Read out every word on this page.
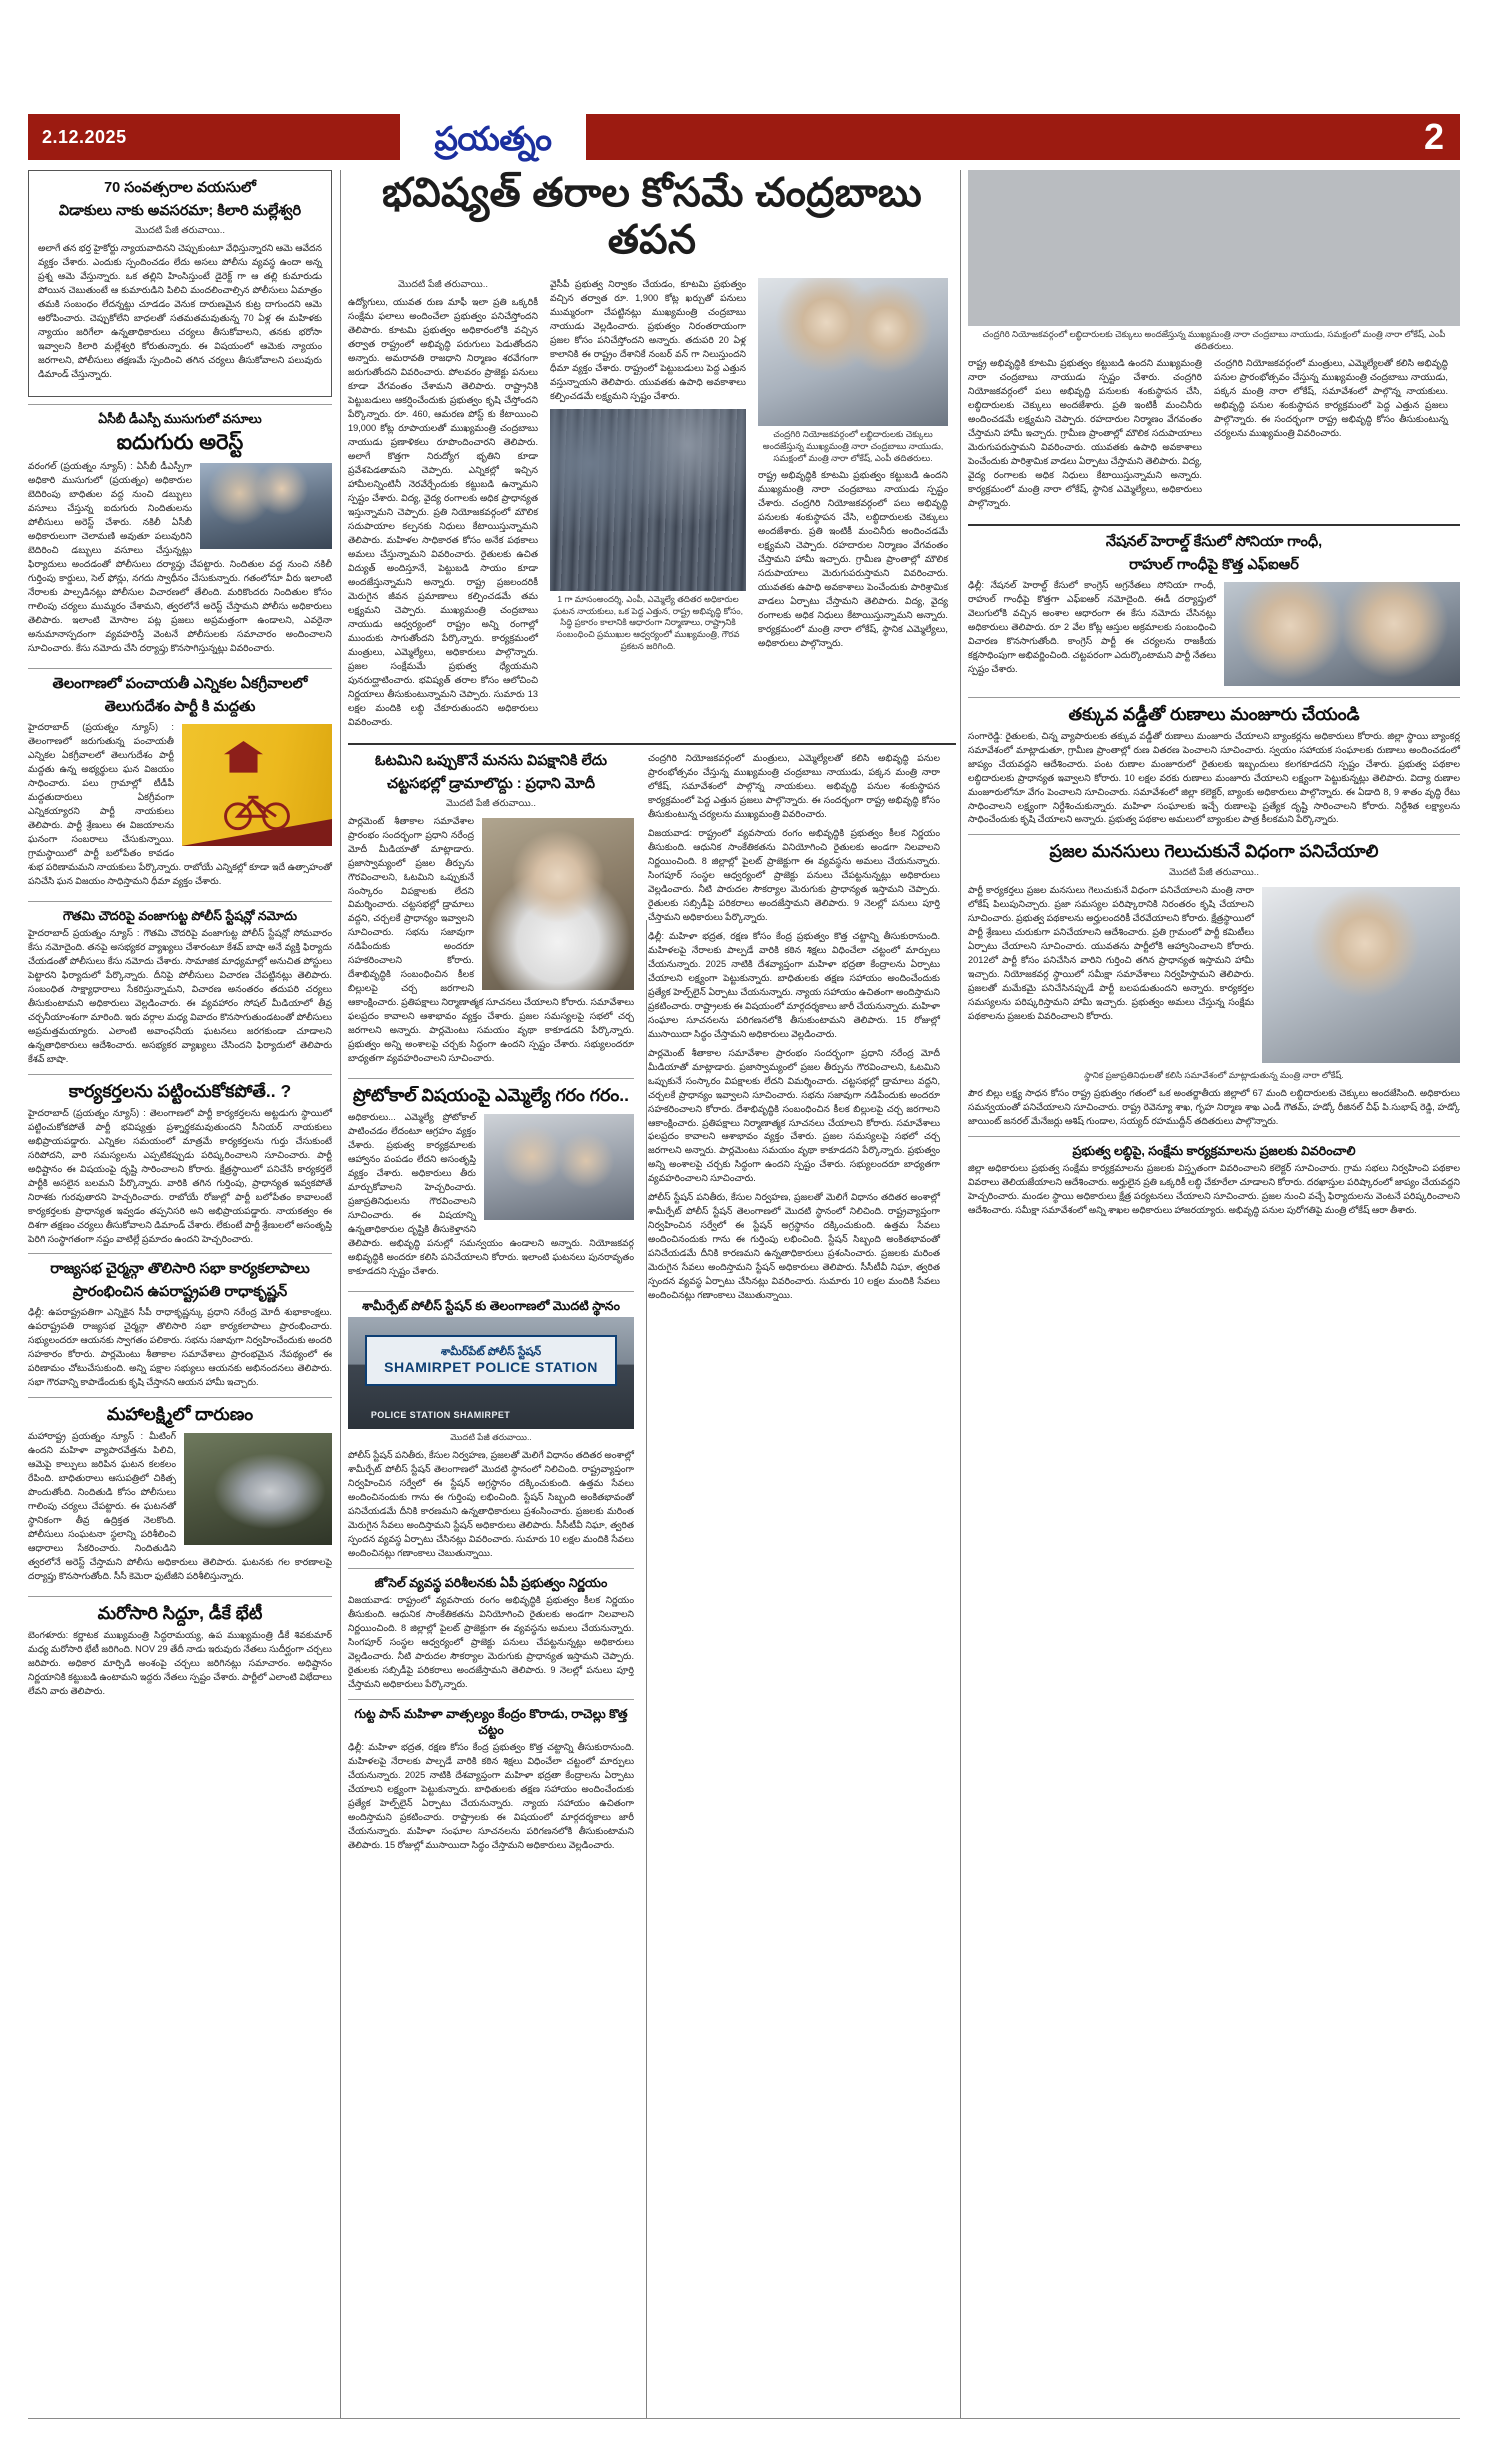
2.12.2025	ప్రయత్నం	2
70 సంవత్సరాల వయసులో
విడాకులు నాకు అవసరమా; కిలారి మల్లేశ్వరి
మొదటి పేజీ తరువాయి..
అలాగే తన భర్త హైకోర్టు న్యాయవాదినని చెప్పుకుంటూ వేధిస్తున్నారని ఆమె ఆవేదన వ్యక్తం చేశారు. ఎందుకు స్పందించడం లేదు అసలు పోలీసు వ్యవస్థ ఉందా అన్న ప్రశ్న ఆమె వేస్తున్నారు. ఒక తల్లిని హింసిస్తుంటే డైరెక్ట్‌ గా ఆ తల్లి కుమారుడు పోయిన చెబుతుంటే ఆ కుమారుడిని పిలిచి మందలించాల్సిన పోలీసులు ఏమాత్రం తమకి సంబంధం లేదన్నట్టు చూడడం వెనుక దారుణమైన కుట్ర దాగుందని ఆమె ఆరోపించారు. చెప్పుకోలేని బాధలతో సతమతమవుతున్న 70 ఏళ్ల ఈ మహిళకు న్యాయం జరిగేలా ఉన్నతాధికారులు చర్యలు తీసుకోవాలని, తనకు భరోసా ఇవ్వాలని కిలారి మల్లేశ్వరి కోరుతున్నారు. ఈ విషయంలో ఆమెకు న్యాయం జరగాలని, పోలీసులు తక్షణమే స్పందించి తగిన చర్యలు తీసుకోవాలని పలువురు డిమాండ్ చేస్తున్నారు.
ఏసీబీ డీఎస్పీ ముసుగులో వసూలు
ఐదుగురు అరెస్ట్
వరంగల్ (ప్రయత్నం న్యూస్) : ఏసీబీ డీఎస్పీగా అధికారి ముసుగులో (ప్రయత్నం) అధికారుల బెదిరింపు బాధితుల వద్ద నుంచి డబ్బులు వసూలు చేస్తున్న ఐదుగురు నిందితులను పోలీసులు అరెస్ట్ చేశారు. నకిలీ ఏసీబీ అధికారులుగా చెలామణి అవుతూ పలువురిని బెదిరించి డబ్బులు వసూలు చేస్తున్నట్లు ఫిర్యాదులు అందడంతో పోలీసులు దర్యాప్తు చేపట్టారు. నిందితుల వద్ద నుంచి నకిలీ గుర్తింపు కార్డులు, సెల్ ఫోన్లు, నగదు స్వాధీనం చేసుకున్నారు. గతంలోనూ వీరు ఇలాంటి నేరాలకు పాల్పడినట్లు పోలీసుల విచారణలో తేలింది. మరికొందరు నిందితుల కోసం గాలింపు చర్యలు ముమ్మరం చేశామని, త్వరలోనే అరెస్ట్ చేస్తామని పోలీసు అధికారులు తెలిపారు. ఇలాంటి మోసాల పట్ల ప్రజలు అప్రమత్తంగా ఉండాలని, ఎవరైనా అనుమానాస్పదంగా వ్యవహరిస్తే వెంటనే పోలీసులకు సమాచారం అందించాలని సూచించారు. కేసు నమోదు చేసి దర్యాప్తు కొనసాగిస్తున్నట్లు వివరించారు.
తెలంగాణలో పంచాయతీ ఎన్నికల ఏకగ్రీవాలలో
తెలుగుదేశం పార్టీ కి మద్దతు
హైదరాబాద్ (ప్రయత్నం న్యూస్) : తెలంగాణలో జరుగుతున్న పంచాయతీ ఎన్నికల ఏకగ్రీవాలలో తెలుగుదేశం పార్టీ మద్దతు ఉన్న అభ్యర్థులు ఘన విజయం సాధించారు. పలు గ్రామాల్లో టీడీపీ మద్దతుదారులు ఏకగ్రీవంగా ఎన్నికయ్యారని పార్టీ నాయకులు తెలిపారు. పార్టీ శ్రేణులు ఈ విజయాలను ఘనంగా సంబరాలు చేసుకున్నాయి. గ్రామస్థాయిలో పార్టీ బలోపేతం కావడం శుభ పరిణామమని నాయకులు పేర్కొన్నారు. రాబోయే ఎన్నికల్లో కూడా ఇదే ఉత్సాహంతో పనిచేసి ఘన విజయం సాధిస్తామని ధీమా వ్యక్తం చేశారు.
గౌతమి చౌదరిపై వంజాగుట్ట పోలీస్ స్టేషన్లో నమోదు
హైదరాబాద్ ప్రయత్నం న్యూస్ : గౌతమి చౌదరిపై వంజాగుట్ట పోలీస్ స్టేషన్లో సోమవారం కేసు నమోదైంది. తనపై అసభ్యకర వ్యాఖ్యలు చేశారంటూ కేశవ్ బాషా అనే వ్యక్తి ఫిర్యాదు చేయడంతో పోలీసులు కేసు నమోదు చేశారు. సామాజిక మాధ్యమాల్లో అనుచిత పోస్టులు పెట్టారని ఫిర్యాదులో పేర్కొన్నారు. దీనిపై పోలీసులు విచారణ చేపట్టినట్లు తెలిపారు. సంబంధిత సాక్ష్యాధారాలు సేకరిస్తున్నామని, విచారణ అనంతరం తదుపరి చర్యలు తీసుకుంటామని అధికారులు వెల్లడించారు. ఈ వ్యవహారం సోషల్ మీడియాలో తీవ్ర చర్చనీయాంశంగా మారింది. ఇరు వర్గాల మధ్య వివాదం కొనసాగుతుండటంతో పోలీసులు అప్రమత్తమయ్యారు. ఎలాంటి అవాంఛనీయ ఘటనలు జరగకుండా చూడాలని ఉన్నతాధికారులు ఆదేశించారు. అసభ్యకర వ్యాఖ్యలు చేసిందని ఫిర్యాదులో తెలిపారు కేశవ్ బాషా.
కార్యకర్తలను పట్టించుకోకపోతే.. ?
హైదరాబాద్ (ప్రయత్నం న్యూస్) : తెలంగాణలో పార్టీ కార్యకర్తలను అట్టడుగు స్థాయిలో పట్టించుకోకపోతే పార్టీ భవిష్యత్తు ప్రశ్నార్థకమవుతుందని సీనియర్ నాయకులు అభిప్రాయపడ్డారు. ఎన్నికల సమయంలో మాత్రమే కార్యకర్తలను గుర్తు చేసుకుంటే సరిపోదని, వారి సమస్యలను ఎప్పటికప్పుడు పరిష్కరించాలని సూచించారు. పార్టీ అధిష్టానం ఈ విషయంపై దృష్టి సారించాలని కోరారు. క్షేత్రస్థాయిలో పనిచేసే కార్యకర్తలే పార్టీకి అసలైన బలమని పేర్కొన్నారు. వారికి తగిన గుర్తింపు, ప్రాధాన్యత ఇవ్వకపోతే నిరాశకు గురవుతారని హెచ్చరించారు. రాబోయే రోజుల్లో పార్టీ బలోపేతం కావాలంటే కార్యకర్తలకు ప్రాధాన్యత ఇవ్వడం తప్పనిసరి అని అభిప్రాయపడ్డారు. నాయకత్వం ఈ దిశగా తక్షణం చర్యలు తీసుకోవాలని డిమాండ్ చేశారు. లేకుంటే పార్టీ శ్రేణులలో అసంతృప్తి పెరిగి సంస్థాగతంగా నష్టం వాటిల్లే ప్రమాదం ఉందని హెచ్చరించారు.
రాజ్యసభ చైర్మన్గా తొలిసారి సభా కార్యకలాపాలు
ప్రారంభించిన ఉపరాష్ట్రపతి రాధాకృష్ణన్
ఢిల్లీ: ఉపరాష్ట్రపతిగా ఎన్నికైన సీపీ రాధాకృష్ణన్కు ప్రధాని నరేంద్ర మోదీ శుభాకాంక్షలు. ఉపరాష్ట్రపతి రాజ్యసభ చైర్మన్గా తొలిసారి సభా కార్యకలాపాలు ప్రారంభించారు. సభ్యులందరూ ఆయనకు స్వాగతం పలికారు. సభను సజావుగా నిర్వహించేందుకు అందరి సహకారం కోరారు. పార్లమెంటు శీతాకాల సమావేశాలు ప్రారంభమైన నేపథ్యంలో ఈ పరిణామం చోటుచేసుకుంది. అన్ని పక్షాల సభ్యులు ఆయనకు అభినందనలు తెలిపారు. సభా గౌరవాన్ని కాపాడేందుకు కృషి చేస్తానని ఆయన హామీ ఇచ్చారు.
మహాలక్ష్మిలో దారుణం
మహారాష్ట్ర ప్రయత్నం న్యూస్ : మీటింగ్ ఉందని మహిళా వ్యాపారవేత్తను పిలిచి, ఆమెపై కాల్పులు జరిపిన ఘటన కలకలం రేపింది. బాధితురాలు ఆసుపత్రిలో చికిత్స పొందుతోంది. నిందితుడి కోసం పోలీసులు గాలింపు చర్యలు చేపట్టారు. ఈ ఘటనతో స్థానికంగా తీవ్ర ఉద్రిక్తత నెలకొంది. పోలీసులు సంఘటనా స్థలాన్ని పరిశీలించి ఆధారాలు సేకరించారు. నిందితుడిని త్వరలోనే అరెస్ట్ చేస్తామని పోలీసు అధికారులు తెలిపారు. ఘటనకు గల కారణాలపై దర్యాప్తు కొనసాగుతోంది. సీసీ కెమెరా ఫుటేజీని పరిశీలిస్తున్నారు.
మరోసారి సిద్దూ, డీకే భేటీ
బెంగళూరు: కర్ణాటక ముఖ్యమంత్రి సిద్ధరామయ్య, ఉప ముఖ్యమంత్రి డీకే శివకుమార్ మధ్య మరోసారి భేటీ జరిగింది. NOV 29 తేదీ నాడు ఇరువురు నేతలు సుదీర్ఘంగా చర్చలు జరిపారు. అధికార మార్పిడి అంశంపై చర్చలు జరిగినట్లు సమాచారం. అధిష్టానం నిర్ణయానికి కట్టుబడి ఉంటామని ఇద్దరు నేతలు స్పష్టం చేశారు. పార్టీలో ఎలాంటి విభేదాలు లేవని వారు తెలిపారు.
భవిష్యత్ తరాల కోసమే చంద్రబాబు తపన
మొదటి పేజీ తరువాయి..
ఉద్యోగులు, యువత రుణ మాఫీ ఇలా ప్రతి ఒక్కరికీ సంక్షేమ ఫలాలు అందించేలా ప్రభుత్వం పనిచేస్తోందని తెలిపారు. కూటమి ప్రభుత్వం అధికారంలోకి వచ్చిన తర్వాత రాష్ట్రంలో అభివృద్ధి పరుగులు పెడుతోందని అన్నారు. అమరావతి రాజధాని నిర్మాణం శరవేగంగా జరుగుతోందని వివరించారు. పోలవరం ప్రాజెక్టు పనులు కూడా వేగవంతం చేశామని తెలిపారు. రాష్ట్రానికి పెట్టుబడులు ఆకర్షించేందుకు ప్రభుత్వం కృషి చేస్తోందని పేర్కొన్నారు. రూ. 460, ఆమరణ పోస్ట్ కు కేటాయించి 19,000 కోట్ల రూపాయలతో ముఖ్యమంత్రి చంద్రబాబు నాయుడు ప్రణాళికలు రూపొందించారని తెలిపారు. అలాగే కొత్తగా నిరుద్యోగ భృతిని కూడా ప్రవేశపెడతామని చెప్పారు. ఎన్నికల్లో ఇచ్చిన హామీలన్నింటినీ నెరవేర్చేందుకు కట్టుబడి ఉన్నామని స్పష్టం చేశారు. విద్య, వైద్య రంగాలకు అధిక ప్రాధాన్యత ఇస్తున్నామని చెప్పారు. ప్రతి నియోజకవర్గంలో మౌలిక సదుపాయాల కల్పనకు నిధులు కేటాయిస్తున్నామని తెలిపారు. మహిళల సాధికారత కోసం అనేక పథకాలు అమలు చేస్తున్నామని వివరించారు. రైతులకు ఉచిత విద్యుత్ అందిస్తూనే, పెట్టుబడి సాయం కూడా అందజేస్తున్నామని అన్నారు. రాష్ట్ర ప్రజలందరికీ మెరుగైన జీవన ప్రమాణాలు కల్పించడమే తమ లక్ష్యమని చెప్పారు. ముఖ్యమంత్రి చంద్రబాబు నాయుడు ఆధ్వర్యంలో రాష్ట్రం అన్ని రంగాల్లో ముందుకు సాగుతోందని పేర్కొన్నారు. కార్యక్రమంలో మంత్రులు, ఎమ్మెల్యేలు, అధికారులు పాల్గొన్నారు. ప్రజల సంక్షేమమే ప్రభుత్వ ధ్యేయమని పునరుద్ఘాటించారు. భవిష్యత్ తరాల కోసం ఆలోచించి నిర్ణయాలు తీసుకుంటున్నామని చెప్పారు. సుమారు 13 లక్షల మందికి లబ్ధి చేకూరుతుందని అధికారులు వివరించారు.
వైసీపీ ప్రభుత్వ నిర్వాకం చేయడం, కూటమి ప్రభుత్వం వచ్చిన తర్వాత రూ. 1,900 కోట్ల ఖర్చుతో పనులు ముమ్మరంగా చేపట్టినట్లు ముఖ్యమంత్రి చంద్రబాబు నాయుడు వెల్లడించారు. ప్రభుత్వం నిరంతరాయంగా ప్రజల కోసం పనిచేస్తోందని అన్నారు. తదుపరి 20 ఏళ్ల కాలానికి ఈ రాష్ట్రం దేశానికే నంబర్ వన్ గా నిలుస్తుందని ధీమా వ్యక్తం చేశారు. రాష్ట్రంలో పెట్టుబడులు పెద్ద ఎత్తున వస్తున్నాయని తెలిపారు. యువతకు ఉపాధి అవకాశాలు కల్పించడమే లక్ష్యమని స్పష్టం చేశారు.
1 గా మాసంఅందర్శి, ఎంపీ, ఎమ్మెల్యే తదితర అధికారుల ఘటన నాయకులు, ఒక పెద్ద ఎత్తున, రాష్ట్ర అభివృద్ధి కోసం, సిద్ధి ప్రకారం కాలానికి ఆధారంగా నిర్మాణాలు, రాష్ట్రానికి సంబంధించి ప్రముఖుల ఆధ్వర్యంలో ముఖ్యమంత్రి, గౌరవ ప్రకటన జరిగింది.
చంద్రగిరి నియోజకవర్గంలో లబ్ధిదారులకు చెక్కులు అందజేస్తున్న ముఖ్యమంత్రి నారా చంద్రబాబు నాయుడు, సమక్షంలో మంత్రి నారా లోకేష్, ఎంపీ తదితరులు.
రాష్ట్ర అభివృద్ధికి కూటమి ప్రభుత్వం కట్టుబడి ఉందని ముఖ్యమంత్రి నారా చంద్రబాబు నాయుడు స్పష్టం చేశారు. చంద్రగిరి నియోజకవర్గంలో పలు అభివృద్ధి పనులకు శంకుస్థాపన చేసి, లబ్ధిదారులకు చెక్కులు అందజేశారు. ప్రతి ఇంటికీ మంచినీరు అందించడమే లక్ష్యమని చెప్పారు. రహదారుల నిర్మాణం వేగవంతం చేస్తామని హామీ ఇచ్చారు. గ్రామీణ ప్రాంతాల్లో మౌలిక సదుపాయాలు మెరుగుపరుస్తామని వివరించారు. యువతకు ఉపాధి అవకాశాలు పెంచేందుకు పారిశ్రామిక వాడలు ఏర్పాటు చేస్తామని తెలిపారు. విద్య, వైద్య రంగాలకు అధిక నిధులు కేటాయిస్తున్నామని అన్నారు. కార్యక్రమంలో మంత్రి నారా లోకేష్, స్థానిక ఎమ్మెల్యేలు, అధికారులు పాల్గొన్నారు.
ఓటమిని ఒప్పుకొనే మనసు విపక్షానికి లేదు
చట్టసభల్లో డ్రామాలొద్దు : ప్రధాని మోదీ
మొదటి పేజీ తరువాయి..
పార్లమెంట్ శీతాకాల సమావేశాల ప్రారంభం సందర్భంగా ప్రధాని నరేంద్ర మోదీ మీడియాతో మాట్లాడారు. ప్రజాస్వామ్యంలో ప్రజల తీర్పును గౌరవించాలని, ఓటమిని ఒప్పుకునే సంస్కారం విపక్షాలకు లేదని విమర్శించారు. చట్టసభల్లో డ్రామాలు వద్దని, చర్చలకే ప్రాధాన్యం ఇవ్వాలని సూచించారు. సభను సజావుగా నడిపేందుకు అందరూ సహకరించాలని కోరారు. దేశాభివృద్ధికి సంబంధించిన కీలక బిల్లులపై చర్చ జరగాలని ఆకాంక్షించారు. ప్రతిపక్షాలు నిర్మాణాత్మక సూచనలు చేయాలని కోరారు. సమావేశాలు ఫలప్రదం కావాలని ఆశాభావం వ్యక్తం చేశారు. ప్రజల సమస్యలపై సభలో చర్చ జరగాలని అన్నారు. పార్లమెంటు సమయం వృథా కాకూడదని పేర్కొన్నారు. ప్రభుత్వం అన్ని అంశాలపై చర్చకు సిద్ధంగా ఉందని స్పష్టం చేశారు. సభ్యులందరూ బాధ్యతగా వ్యవహరించాలని సూచించారు.
ప్రోటోకాల్ విషయంపై ఎమ్మెల్యే గరం గరం..
అధికారులు... ఎమ్మెల్యే ప్రోటోకాల్ పాటించడం లేదంటూ ఆగ్రహం వ్యక్తం చేశారు. ప్రభుత్వ కార్యక్రమాలకు ఆహ్వానం పంపడం లేదని అసంతృప్తి వ్యక్తం చేశారు. అధికారులు తీరు మార్చుకోవాలని హెచ్చరించారు. ప్రజాప్రతినిధులను గౌరవించాలని సూచించారు. ఈ విషయాన్ని ఉన్నతాధికారుల దృష్టికి తీసుకెళ్తానని తెలిపారు. అభివృద్ధి పనుల్లో సమన్వయం ఉండాలని అన్నారు. నియోజకవర్గ అభివృద్ధికి అందరూ కలిసి పనిచేయాలని కోరారు. ఇలాంటి ఘటనలు పునరావృతం కాకూడదని స్పష్టం చేశారు.
శామీర్పేట్ పోలీస్ స్టేషన్ కు తెలంగాణలో మొదటి స్థానం
శామీర్‌పేట్ పోలీస్ స్టేషన్
SHAMIRPET POLICE STATION
POLICE STATION SHAMIRPET
మొదటి పేజీ తరువాయి..
పోలీస్ స్టేషన్ పనితీరు, కేసుల నిర్వహణ, ప్రజలతో మెలిగే విధానం తదితర అంశాల్లో శామీర్పేట్ పోలీస్ స్టేషన్ తెలంగాణలో మొదటి స్థానంలో నిలిచింది. రాష్ట్రవ్యాప్తంగా నిర్వహించిన సర్వేలో ఈ స్టేషన్ అగ్రస్థానం దక్కించుకుంది. ఉత్తమ సేవలు అందించినందుకు గాను ఈ గుర్తింపు లభించింది. స్టేషన్ సిబ్బంది అంకితభావంతో పనిచేయడమే దీనికి కారణమని ఉన్నతాధికారులు ప్రశంసించారు. ప్రజలకు మరింత మెరుగైన సేవలు అందిస్తామని స్టేషన్ అధికారులు తెలిపారు. సీసీటీవీ నిఘా, త్వరిత స్పందన వ్యవస్థ ఏర్పాటు చేసినట్లు వివరించారు. సుమారు 10 లక్షల మందికి సేవలు అందించినట్లు గణాంకాలు చెబుతున్నాయి.
జోసెల్ వ్యవస్థ పరిశీలనకు ఏపీ ప్రభుత్వం నిర్ణయం
విజయవాడ: రాష్ట్రంలో వ్యవసాయ రంగం అభివృద్ధికి ప్రభుత్వం కీలక నిర్ణయం తీసుకుంది. ఆధునిక సాంకేతికతను వినియోగించి రైతులకు అండగా నిలవాలని నిర్ణయించింది. 8 జిల్లాల్లో పైలట్ ప్రాజెక్టుగా ఈ వ్యవస్థను అమలు చేయనున్నారు. సింగపూర్ సంస్థల ఆధ్వర్యంలో ప్రాజెక్టు పనులు చేపట్టనున్నట్లు అధికారులు వెల్లడించారు. నీటి పారుదల సౌకర్యాల మెరుగుకు ప్రాధాన్యత ఇస్తామని చెప్పారు. రైతులకు సబ్సిడీపై పరికరాలు అందజేస్తామని తెలిపారు. 9 నెలల్లో పనులు పూర్తి చేస్తామని అధికారులు పేర్కొన్నారు.
గుట్ట పాస్ మహిళా వాత్సల్యం కేంద్రం కొరాడు, రాచెల్లు కొత్త చట్టం
ఢిల్లీ: మహిళా భద్రత, రక్షణ కోసం కేంద్ర ప్రభుత్వం కొత్త చట్టాన్ని తీసుకురానుంది. మహిళలపై నేరాలకు పాల్పడే వారికి కఠిన శిక్షలు విధించేలా చట్టంలో మార్పులు చేయనున్నారు. 2025 నాటికి దేశవ్యాప్తంగా మహిళా భద్రతా కేంద్రాలను ఏర్పాటు చేయాలని లక్ష్యంగా పెట్టుకున్నారు. బాధితులకు తక్షణ సహాయం అందించేందుకు ప్రత్యేక హెల్ప్‌లైన్ ఏర్పాటు చేయనున్నారు. న్యాయ సహాయం ఉచితంగా అందిస్తామని ప్రకటించారు. రాష్ట్రాలకు ఈ విషయంలో మార్గదర్శకాలు జారీ చేయనున్నారు. మహిళా సంఘాల సూచనలను పరిగణనలోకి తీసుకుంటామని తెలిపారు. 15 రోజుల్లో ముసాయిదా సిద్ధం చేస్తామని అధికారులు వెల్లడించారు.
చంద్రగిరి నియోజకవర్గంలో మంత్రులు, ఎమ్మెల్యేలతో కలిసి అభివృద్ధి పనుల ప్రారంభోత్సవం చేస్తున్న ముఖ్యమంత్రి చంద్రబాబు నాయుడు, పక్కన మంత్రి నారా లోకేష్, సమావేశంలో పాల్గొన్న నాయకులు. అభివృద్ధి పనుల శంకుస్థాపన కార్యక్రమంలో పెద్ద ఎత్తున ప్రజలు పాల్గొన్నారు. ఈ సందర్భంగా రాష్ట్ర అభివృద్ధి కోసం తీసుకుంటున్న చర్యలను ముఖ్యమంత్రి వివరించారు.
విజయవాడ: రాష్ట్రంలో వ్యవసాయ రంగం అభివృద్ధికి ప్రభుత్వం కీలక నిర్ణయం తీసుకుంది. ఆధునిక సాంకేతికతను వినియోగించి రైతులకు అండగా నిలవాలని నిర్ణయించింది. 8 జిల్లాల్లో పైలట్ ప్రాజెక్టుగా ఈ వ్యవస్థను అమలు చేయనున్నారు. సింగపూర్ సంస్థల ఆధ్వర్యంలో ప్రాజెక్టు పనులు చేపట్టనున్నట్లు అధికారులు వెల్లడించారు. నీటి పారుదల సౌకర్యాల మెరుగుకు ప్రాధాన్యత ఇస్తామని చెప్పారు. రైతులకు సబ్సిడీపై పరికరాలు అందజేస్తామని తెలిపారు. 9 నెలల్లో పనులు పూర్తి చేస్తామని అధికారులు పేర్కొన్నారు.
ఢిల్లీ: మహిళా భద్రత, రక్షణ కోసం కేంద్ర ప్రభుత్వం కొత్త చట్టాన్ని తీసుకురానుంది. మహిళలపై నేరాలకు పాల్పడే వారికి కఠిన శిక్షలు విధించేలా చట్టంలో మార్పులు చేయనున్నారు. 2025 నాటికి దేశవ్యాప్తంగా మహిళా భద్రతా కేంద్రాలను ఏర్పాటు చేయాలని లక్ష్యంగా పెట్టుకున్నారు. బాధితులకు తక్షణ సహాయం అందించేందుకు ప్రత్యేక హెల్ప్‌లైన్ ఏర్పాటు చేయనున్నారు. న్యాయ సహాయం ఉచితంగా అందిస్తామని ప్రకటించారు. రాష్ట్రాలకు ఈ విషయంలో మార్గదర్శకాలు జారీ చేయనున్నారు. మహిళా సంఘాల సూచనలను పరిగణనలోకి తీసుకుంటామని తెలిపారు. 15 రోజుల్లో ముసాయిదా సిద్ధం చేస్తామని అధికారులు వెల్లడించారు.
పార్లమెంట్ శీతాకాల సమావేశాల ప్రారంభం సందర్భంగా ప్రధాని నరేంద్ర మోదీ మీడియాతో మాట్లాడారు. ప్రజాస్వామ్యంలో ప్రజల తీర్పును గౌరవించాలని, ఓటమిని ఒప్పుకునే సంస్కారం విపక్షాలకు లేదని విమర్శించారు. చట్టసభల్లో డ్రామాలు వద్దని, చర్చలకే ప్రాధాన్యం ఇవ్వాలని సూచించారు. సభను సజావుగా నడిపేందుకు అందరూ సహకరించాలని కోరారు. దేశాభివృద్ధికి సంబంధించిన కీలక బిల్లులపై చర్చ జరగాలని ఆకాంక్షించారు. ప్రతిపక్షాలు నిర్మాణాత్మక సూచనలు చేయాలని కోరారు. సమావేశాలు ఫలప్రదం కావాలని ఆశాభావం వ్యక్తం చేశారు. ప్రజల సమస్యలపై సభలో చర్చ జరగాలని అన్నారు. పార్లమెంటు సమయం వృథా కాకూడదని పేర్కొన్నారు. ప్రభుత్వం అన్ని అంశాలపై చర్చకు సిద్ధంగా ఉందని స్పష్టం చేశారు. సభ్యులందరూ బాధ్యతగా వ్యవహరించాలని సూచించారు.
పోలీస్ స్టేషన్ పనితీరు, కేసుల నిర్వహణ, ప్రజలతో మెలిగే విధానం తదితర అంశాల్లో శామీర్పేట్ పోలీస్ స్టేషన్ తెలంగాణలో మొదటి స్థానంలో నిలిచింది. రాష్ట్రవ్యాప్తంగా నిర్వహించిన సర్వేలో ఈ స్టేషన్ అగ్రస్థానం దక్కించుకుంది. ఉత్తమ సేవలు అందించినందుకు గాను ఈ గుర్తింపు లభించింది. స్టేషన్ సిబ్బంది అంకితభావంతో పనిచేయడమే దీనికి కారణమని ఉన్నతాధికారులు ప్రశంసించారు. ప్రజలకు మరింత మెరుగైన సేవలు అందిస్తామని స్టేషన్ అధికారులు తెలిపారు. సీసీటీవీ నిఘా, త్వరిత స్పందన వ్యవస్థ ఏర్పాటు చేసినట్లు వివరించారు. సుమారు 10 లక్షల మందికి సేవలు అందించినట్లు గణాంకాలు చెబుతున్నాయి.
చంద్రగిరి నియోజకవర్గంలో లబ్ధిదారులకు చెక్కులు అందజేస్తున్న ముఖ్యమంత్రి నారా చంద్రబాబు నాయుడు, సమక్షంలో మంత్రి నారా లోకేష్, ఎంపీ తదితరులు.
రాష్ట్ర అభివృద్ధికి కూటమి ప్రభుత్వం కట్టుబడి ఉందని ముఖ్యమంత్రి నారా చంద్రబాబు నాయుడు స్పష్టం చేశారు. చంద్రగిరి నియోజకవర్గంలో పలు అభివృద్ధి పనులకు శంకుస్థాపన చేసి, లబ్ధిదారులకు చెక్కులు అందజేశారు. ప్రతి ఇంటికీ మంచినీరు అందించడమే లక్ష్యమని చెప్పారు. రహదారుల నిర్మాణం వేగవంతం చేస్తామని హామీ ఇచ్చారు. గ్రామీణ ప్రాంతాల్లో మౌలిక సదుపాయాలు మెరుగుపరుస్తామని వివరించారు. యువతకు ఉపాధి అవకాశాలు పెంచేందుకు పారిశ్రామిక వాడలు ఏర్పాటు చేస్తామని తెలిపారు. విద్య, వైద్య రంగాలకు అధిక నిధులు కేటాయిస్తున్నామని అన్నారు. కార్యక్రమంలో మంత్రి నారా లోకేష్, స్థానిక ఎమ్మెల్యేలు, అధికారులు పాల్గొన్నారు.
చంద్రగిరి నియోజకవర్గంలో మంత్రులు, ఎమ్మెల్యేలతో కలిసి అభివృద్ధి పనుల ప్రారంభోత్సవం చేస్తున్న ముఖ్యమంత్రి చంద్రబాబు నాయుడు, పక్కన మంత్రి నారా లోకేష్, సమావేశంలో పాల్గొన్న నాయకులు. అభివృద్ధి పనుల శంకుస్థాపన కార్యక్రమంలో పెద్ద ఎత్తున ప్రజలు పాల్గొన్నారు. ఈ సందర్భంగా రాష్ట్ర అభివృద్ధి కోసం తీసుకుంటున్న చర్యలను ముఖ్యమంత్రి వివరించారు.
నేషనల్ హెరాల్డ్ కేసులో సోనియా గాంధీ,
రాహుల్ గాంధీపై కొత్త ఎఫ్ఐఆర్
ఢిల్లీ: నేషనల్ హెరాల్డ్ కేసులో కాంగ్రెస్ అగ్రనేతలు సోనియా గాంధీ, రాహుల్ గాంధీపై కొత్తగా ఎఫ్ఐఆర్ నమోదైంది. ఈడీ దర్యాప్తులో వెలుగులోకి వచ్చిన అంశాల ఆధారంగా ఈ కేసు నమోదు చేసినట్లు అధికారులు తెలిపారు. రూ 2 వేల కోట్ల ఆస్తుల అక్రమాలకు సంబంధించి విచారణ కొనసాగుతోంది. కాంగ్రెస్ పార్టీ ఈ చర్యలను రాజకీయ కక్షసాధింపుగా అభివర్ణించింది. చట్టపరంగా ఎదుర్కొంటామని పార్టీ నేతలు స్పష్టం చేశారు.
తక్కువ వడ్డీతో రుణాలు మంజూరు చేయండి
సంగారెడ్డి: రైతులకు, చిన్న వ్యాపారులకు తక్కువ వడ్డీతో రుణాలు మంజూరు చేయాలని బ్యాంకర్లను అధికారులు కోరారు. జిల్లా స్థాయి బ్యాంకర్ల సమావేశంలో మాట్లాడుతూ, గ్రామీణ ప్రాంతాల్లో రుణ వితరణ పెంచాలని సూచించారు. స్వయం సహాయక సంఘాలకు రుణాలు అందించడంలో జాప్యం చేయవద్దని ఆదేశించారు. పంట రుణాల మంజూరులో రైతులకు ఇబ్బందులు కలగకూడదని స్పష్టం చేశారు. ప్రభుత్వ పథకాల లబ్ధిదారులకు ప్రాధాన్యత ఇవ్వాలని కోరారు. 10 లక్షల వరకు రుణాలు మంజూరు చేయాలని లక్ష్యంగా పెట్టుకున్నట్లు తెలిపారు. విద్యా రుణాల మంజూరులోనూ వేగం పెంచాలని సూచించారు. సమావేశంలో జిల్లా కలెక్టర్, బ్యాంకు అధికారులు పాల్గొన్నారు. ఈ ఏడాది 8, 9 శాతం వృద్ధి రేటు సాధించాలని లక్ష్యంగా నిర్దేశించుకున్నారు. మహిళా సంఘాలకు ఇచ్చే రుణాలపై ప్రత్యేక దృష్టి సారించాలని కోరారు. నిర్దేశిత లక్ష్యాలను సాధించేందుకు కృషి చేయాలని అన్నారు. ప్రభుత్వ పథకాల అమలులో బ్యాంకుల పాత్ర కీలకమని పేర్కొన్నారు.
ప్రజల మనసులు గెలుచుకునే విధంగా పనిచేయాలి
మొదటి పేజీ తరువాయి..
పార్టీ కార్యకర్తలు ప్రజల మనసులు గెలుచుకునే విధంగా పనిచేయాలని మంత్రి నారా లోకేష్ పిలుపునిచ్చారు. ప్రజా సమస్యల పరిష్కారానికి నిరంతరం కృషి చేయాలని సూచించారు. ప్రభుత్వ పథకాలను అర్హులందరికీ చేరవేయాలని కోరారు. క్షేత్రస్థాయిలో పార్టీ శ్రేణులు చురుకుగా పనిచేయాలని ఆదేశించారు. ప్రతి గ్రామంలో పార్టీ కమిటీలు ఏర్పాటు చేయాలని సూచించారు. యువతను పార్టీలోకి ఆహ్వానించాలని కోరారు. 2012లో పార్టీ కోసం పనిచేసిన వారిని గుర్తించి తగిన ప్రాధాన్యత ఇస్తామని హామీ ఇచ్చారు. నియోజకవర్గ స్థాయిలో సమీక్షా సమావేశాలు నిర్వహిస్తామని తెలిపారు. ప్రజలతో మమేకమై పనిచేసినప్పుడే పార్టీ బలపడుతుందని అన్నారు. కార్యకర్తల సమస్యలను పరిష్కరిస్తామని హామీ ఇచ్చారు. ప్రభుత్వం అమలు చేస్తున్న సంక్షేమ పథకాలను ప్రజలకు వివరించాలని కోరారు.
స్థానిక ప్రజాప్రతినిధులతో కలిసి సమావేశంలో మాట్లాడుతున్న మంత్రి నారా లోకేష్.
పౌర బిల్లు లక్ష్య సాధన కోసం రాష్ట్ర ప్రభుత్వం గతంలో ఒక అంతర్జాతీయ జిల్లాలో 67 మంది లబ్ధిదారులకు చెక్కులు అందజేసింది. అధికారులు సమన్వయంతో పనిచేయాలని సూచించారు. రాష్ట్ర రెవెన్యూ శాఖ, గృహ నిర్మాణ శాఖ ఎండీ గౌతమ్, హడ్కో రీజినల్ చీఫ్ పి.సుభాష్ రెడ్డి, హడ్కో జాయింట్ జనరల్ మేనేజర్లు ఆశిష్ గుండాల, సయ్యద్ రహముద్దీన్ తదితరులు పాల్గొన్నారు.
ప్రభుత్వ లబ్ధిపై, సంక్షేమ కార్యక్రమాలను ప్రజలకు వివరించాలి
జిల్లా అధికారులు ప్రభుత్వ సంక్షేమ కార్యక్రమాలను ప్రజలకు విస్తృతంగా వివరించాలని కలెక్టర్ సూచించారు. గ్రామ సభలు నిర్వహించి పథకాల వివరాలు తెలియజేయాలని ఆదేశించారు. అర్హులైన ప్రతి ఒక్కరికీ లబ్ధి చేకూరేలా చూడాలని కోరారు. దరఖాస్తుల పరిష్కారంలో జాప్యం చేయవద్దని హెచ్చరించారు. మండల స్థాయి అధికారులు క్షేత్ర పర్యటనలు చేయాలని సూచించారు. ప్రజల నుంచి వచ్చే ఫిర్యాదులను వెంటనే పరిష్కరించాలని ఆదేశించారు. సమీక్షా సమావేశంలో అన్ని శాఖల అధికారులు హాజరయ్యారు. అభివృద్ధి పనుల పురోగతిపై మంత్రి లోకేష్ ఆరా తీశారు.
